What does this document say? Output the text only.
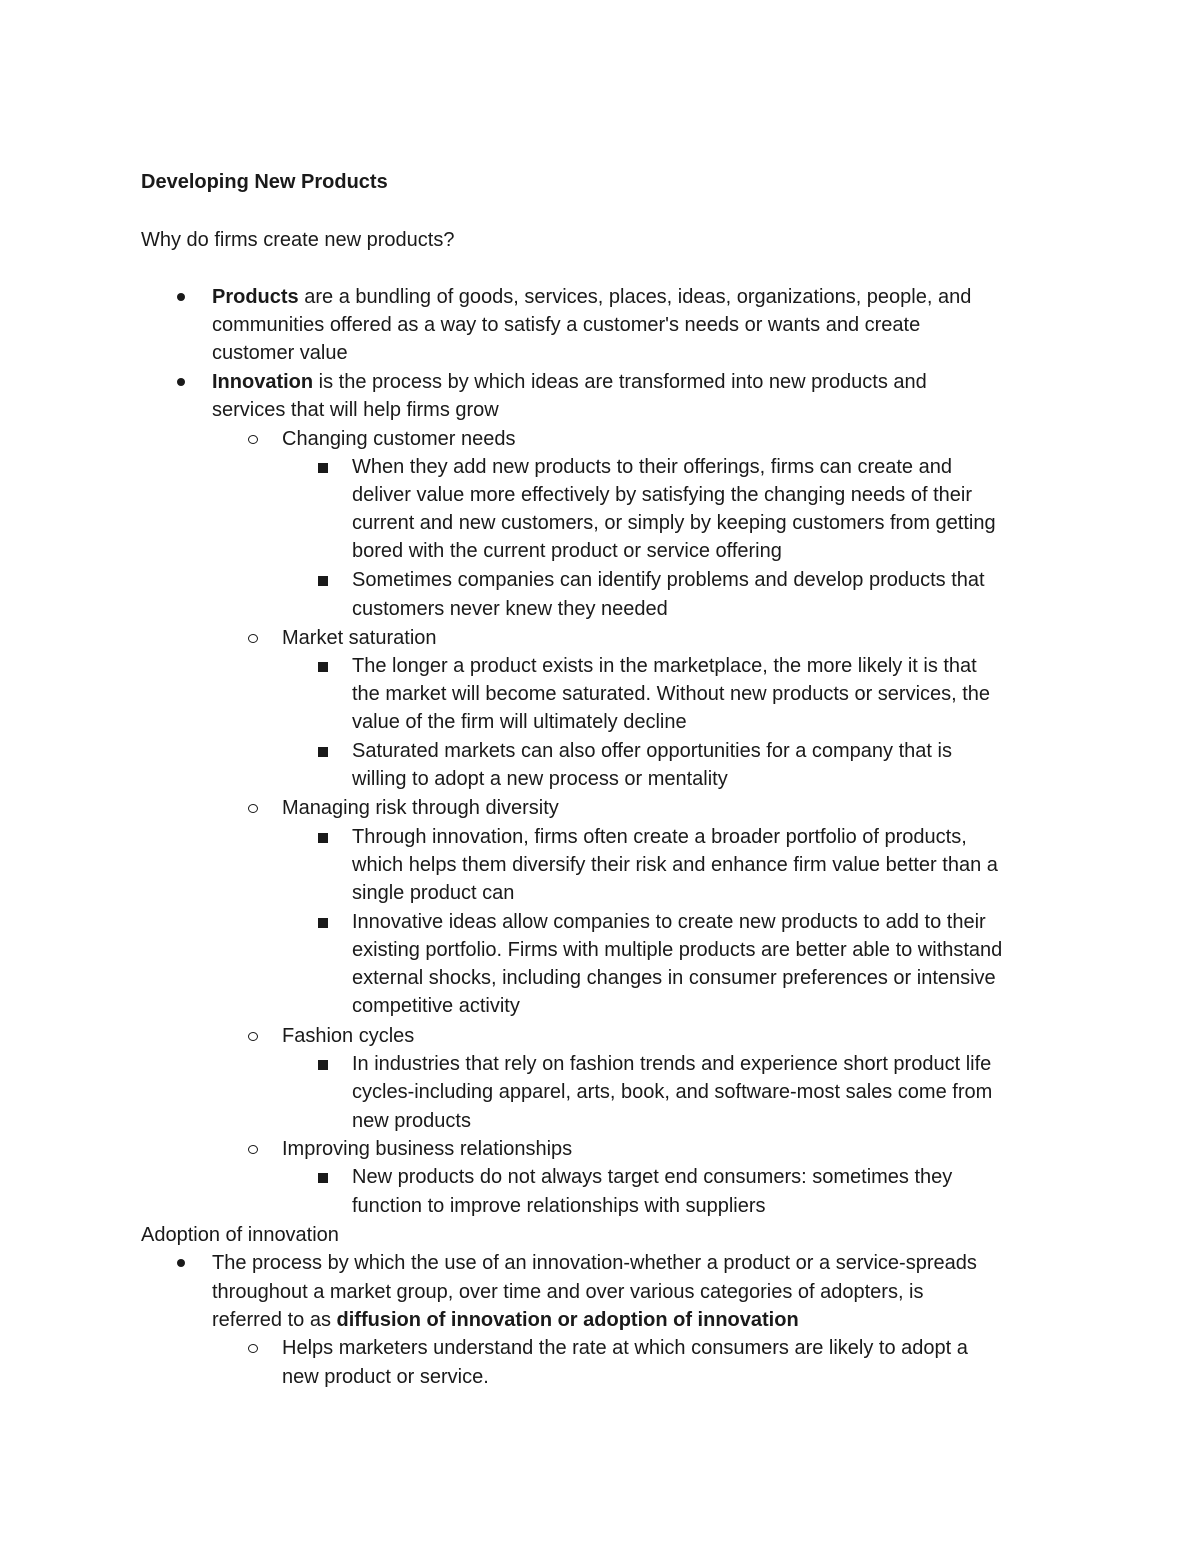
Developing New Products

Why do firms create new products?

Products are a bundling of goods, services, places, ideas, organizations, people, and

communities offered as a way to satisfy a customer's needs or wants and create

customer value

Innovation is the process by which ideas are transformed into new products and

services that will help firms grow

Changing customer needs

When they add new products to their offerings, firms can create and

deliver value more effectively by satisfying the changing needs of their

current and new customers, or simply by keeping customers from getting

bored with the current product or service offering

Sometimes companies can identify problems and develop products that

customers never knew they needed

Market saturation

The longer a product exists in the marketplace, the more likely it is that

the market will become saturated. Without new products or services, the

value of the firm will ultimately decline

Saturated markets can also offer opportunities for a company that is

willing to adopt a new process or mentality

Managing risk through diversity

Through innovation, firms often create a broader portfolio of products,

which helps them diversify their risk and enhance firm value better than a

single product can

Innovative ideas allow companies to create new products to add to their

existing portfolio. Firms with multiple products are better able to withstand

external shocks, including changes in consumer preferences or intensive

competitive activity

Fashion cycles

In industries that rely on fashion trends and experience short product life

cycles-including apparel, arts, book, and software-most sales come from

new products

Improving business relationships

New products do not always target end consumers: sometimes they

function to improve relationships with suppliers

Adoption of innovation

The process by which the use of an innovation-whether a product or a service-spreads

throughout a market group, over time and over various categories of adopters, is

referred to as diffusion of innovation or adoption of innovation

Helps marketers understand the rate at which consumers are likely to adopt a

new product or service.
